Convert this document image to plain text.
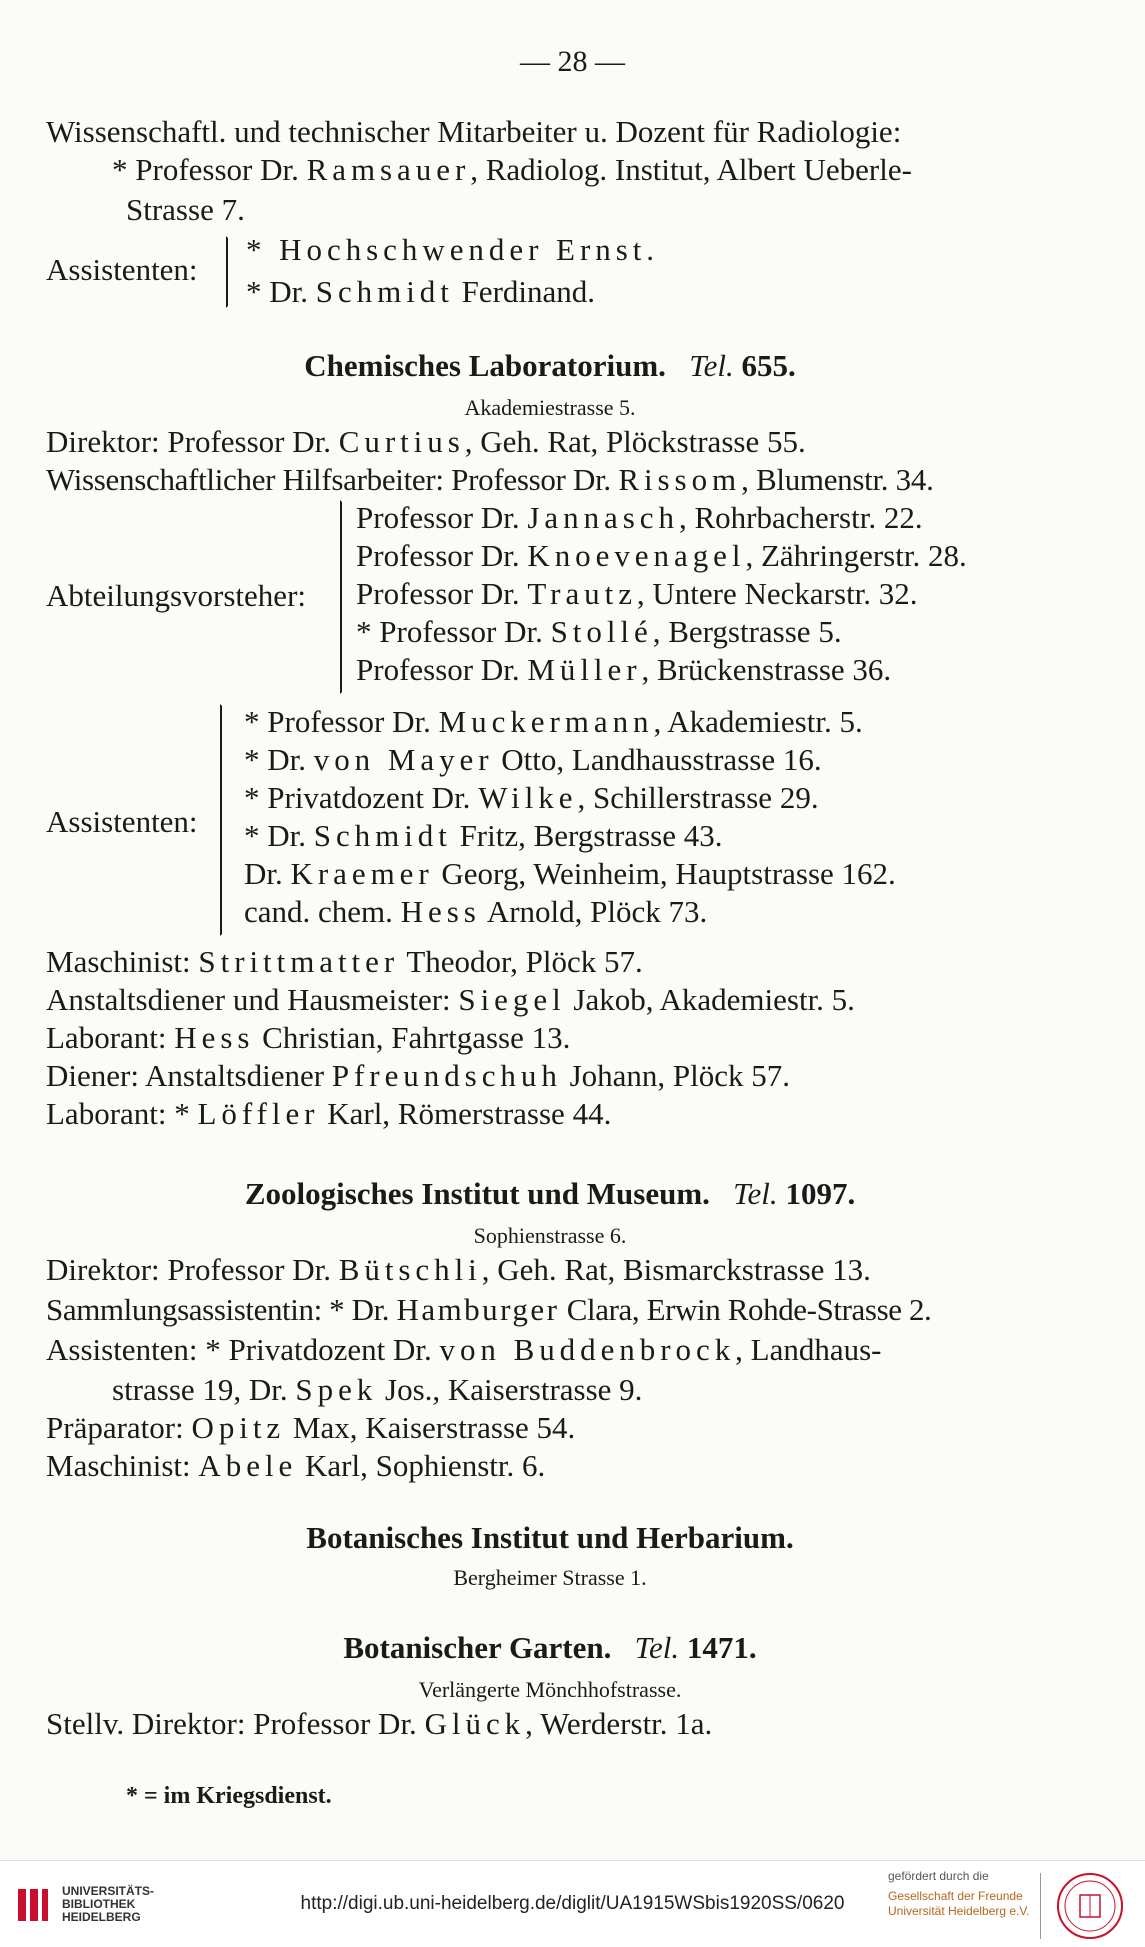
— 28 —
Wissenschaftl. und technischer Mitarbeiter u. Dozent für Radiologie:
* Professor Dr. Ramsauer, Radiolog. Institut, Albert Ueberle-
Strasse 7.
Assistenten:
* Hochschwender Ernst.
* Dr. Schmidt Ferdinand.
Chemisches Laboratorium. Tel. 655.
Akademiestrasse 5.
Direktor: Professor Dr. Curtius, Geh. Rat, Plöckstrasse 55.
Wissenschaftlicher Hilfsarbeiter: Professor Dr. Rissom, Blumenstr. 34.
Abteilungsvorsteher:
Professor Dr. Jannasch, Rohrbacherstr. 22.
Professor Dr. Knoevenagel, Zähringerstr. 28.
Professor Dr. Trautz, Untere Neckarstr. 32.
* Professor Dr. Stollé, Bergstrasse 5.
Professor Dr. Müller, Brückenstrasse 36.
Assistenten:
* Professor Dr. Muckermann, Akademiestr. 5.
* Dr. von Mayer Otto, Landhausstrasse 16.
* Privatdozent Dr. Wilke, Schillerstrasse 29.
* Dr. Schmidt Fritz, Bergstrasse 43.
Dr. Kraemer Georg, Weinheim, Hauptstrasse 162.
cand. chem. Hess Arnold, Plöck 73.
Maschinist: Strittmatter Theodor, Plöck 57.
Anstaltsdiener und Hausmeister: Siegel Jakob, Akademiestr. 5.
Laborant: Hess Christian, Fahrtgasse 13.
Diener: Anstaltsdiener Pfreundschuh Johann, Plöck 57.
Laborant: * Löffler Karl, Römerstrasse 44.
Zoologisches Institut und Museum. Tel. 1097.
Sophienstrasse 6.
Direktor: Professor Dr. Bütschli, Geh. Rat, Bismarckstrasse 13.
Sammlungsassistentin: * Dr. Hamburger Clara, Erwin Rohde-Strasse 2.
Assistenten: * Privatdozent Dr. von Buddenbrock, Landhaus-
strasse 19, Dr. Spek Jos., Kaiserstrasse 9.
Präparator: Opitz Max, Kaiserstrasse 54.
Maschinist: Abele Karl, Sophienstr. 6.
Botanisches Institut und Herbarium.
Bergheimer Strasse 1.
Botanischer Garten. Tel. 1471.
Verlängerte Mönchhofstrasse.
Stellv. Direktor: Professor Dr. Glück, Werderstr. 1a.
* = im Kriegsdienst.
UNIVERSITÄTS-
BIBLIOTHEK
HEIDELBERG
http://digi.ub.uni-heidelberg.de/diglit/UA1915WSbis1920SS/0620
gefördert durch die
Gesellschaft der Freunde
Universität Heidelberg e.V.
